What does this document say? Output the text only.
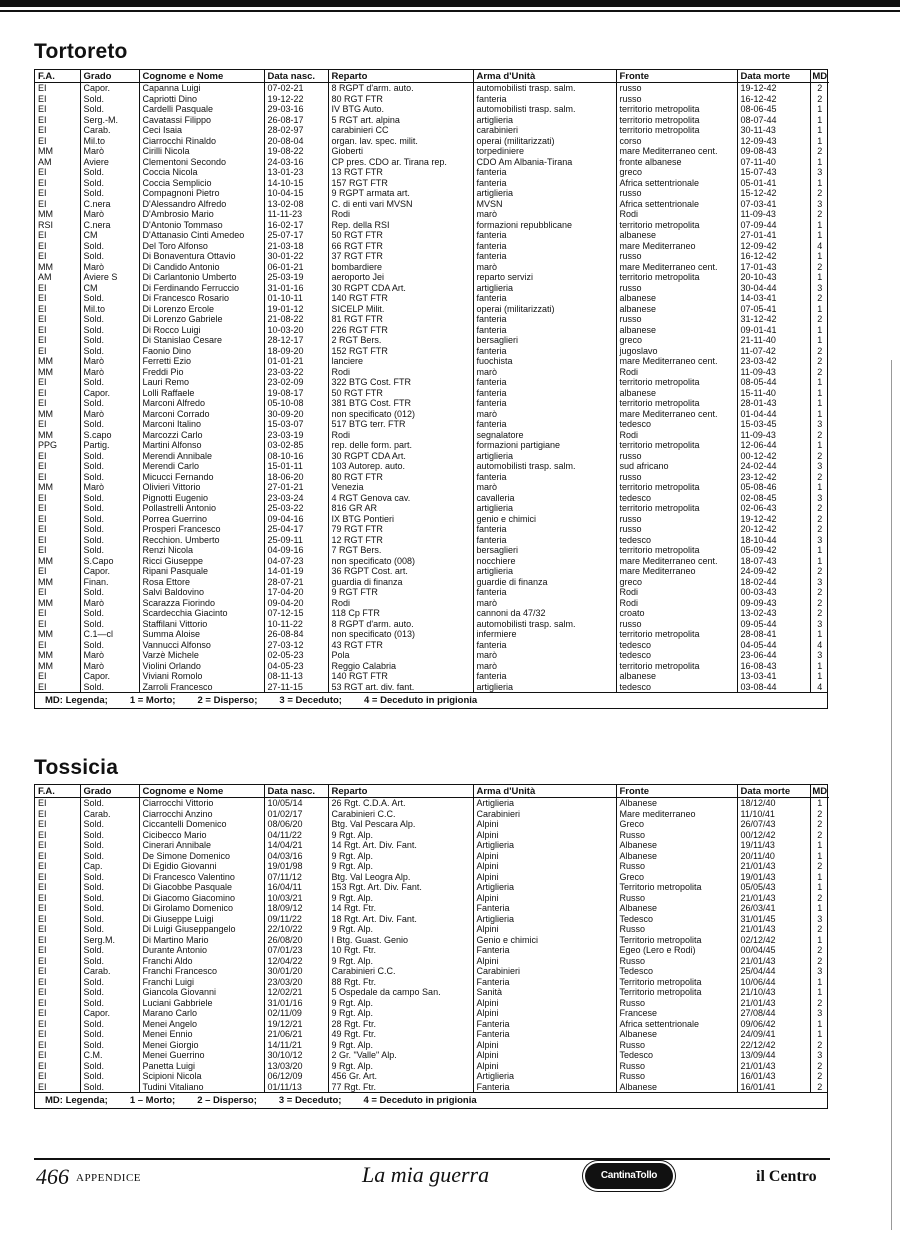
Tortoreto
F.A.	Grado	Cognome e Nome	Data nasc.	Reparto	Arma d'Unità	Fronte	Data morte	MD
EI	Capor.	Capanna Luigi	07-02-21	8 RGPT d'arm. auto.	automobilisti trasp. salm.	russo	19-12-42	2
EI	Sold.	Capriotti Dino	19-12-22	80 RGT FTR	fanteria	russo	16-12-42	2
EI	Sold.	Cardelli Pasquale	29-03-16	IV BTG Auto.	automobilisti trasp. salm.	territorio metropolita	08-06-45	1
EI	Serg.-M.	Cavatassi Filippo	26-08-17	5 RGT art. alpina	artiglieria	territorio metropolita	08-07-44	1
EI	Carab.	Ceci Isaia	28-02-97	carabinieri CC	carabinieri	territorio metropolita	30-11-43	1
EI	Mil.to	Ciarrocchi Rinaldo	20-08-04	organ. lav. spec. milit.	operai (militarizzati)	corso	12-09-43	1
MM	Marò	Cirilli Nicola	19-08-22	Gioberti	torpediniere	mare Mediterraneo cent.	09-08-43	2
AM	Aviere	Clementoni Secondo	24-03-16	CP pres. CDO ar. Tirana rep.	CDO Am Albania-Tirana	fronte albanese	07-11-40	1
EI	Sold.	Coccia Nicola	13-01-23	13 RGT FTR	fanteria	greco	15-07-43	3
EI	Sold.	Coccia Semplicio	14-10-15	157 RGT FTR	fanteria	Africa settentrionale	05-01-41	1
EI	Sold.	Compagnoni Pietro	10-04-15	9 RGPT armata art.	artiglieria	russo	15-12-42	2
EI	C.nera	D'Alessandro Alfredo	13-02-08	C. di enti vari MVSN	MVSN	Africa settentrionale	07-03-41	3
MM	Marò	D'Ambrosio Mario	11-11-23	Rodi	marò	Rodi	11-09-43	2
RSI	C.nera	D'Antonio Tommaso	16-02-17	Rep. della RSI	formazioni repubblicane	territorio metropolita	07-09-44	1
EI	CM	D'Attanasio Cinti Amedeo	25-07-17	50 RGT FTR	fanteria	albanese	27-01-41	1
EI	Sold.	Del Toro Alfonso	21-03-18	66 RGT FTR	fanteria	mare Mediterraneo	12-09-42	4
EI	Sold.	Di Bonaventura Ottavio	30-01-22	37 RGT FTR	fanteria	russo	16-12-42	1
MM	Marò	Di Candido Antonio	06-01-21	bombardiere	marò	mare Mediterraneo cent.	17-01-43	2
AM	Aviere S	Di Carlantonio Umberto	25-03-19	aeroporto Jei	reparto servizi	territorio metropolita	20-10-43	1
EI	CM	Di Ferdinando Ferruccio	31-01-16	30 RGPT CDA Art.	artiglieria	russo	30-04-44	3
EI	Sold.	Di Francesco Rosario	01-10-11	140 RGT FTR	fanteria	albanese	14-03-41	2
EI	Mil.to	Di Lorenzo Ercole	19-01-12	SICELP Milit.	operai (militarizzati)	albanese	07-05-41	1
EI	Sold.	Di Lorenzo Gabriele	21-08-22	81 RGT FTR	fanteria	russo	31-12-42	2
EI	Sold.	Di Rocco Luigi	10-03-20	226 RGT FTR	fanteria	albanese	09-01-41	1
EI	Sold.	Di Stanislao Cesare	28-12-17	2 RGT Bers.	bersaglieri	greco	21-11-40	1
EI	Sold.	Faonio Dino	18-09-20	152 RGT FTR	fanteria	jugoslavo	11-07-42	2
MM	Marò	Ferretti Ezio	01-01-21	lanciere	fuochista	mare Mediterraneo cent.	23-03-42	2
MM	Marò	Freddi Pio	23-03-22	Rodi	marò	Rodi	11-09-43	2
EI	Sold.	Lauri Remo	23-02-09	322 BTG Cost. FTR	fanteria	territorio metropolita	08-05-44	1
EI	Capor.	Lolli Raffaele	19-08-17	50 RGT FTR	fanteria	albanese	15-11-40	1
EI	Sold.	Marconi Alfredo	05-10-08	381 BTG Cost. FTR	fanteria	territorio metropolita	28-01-43	1
MM	Marò	Marconi Corrado	30-09-20	non specificato (012)	marò	mare Mediterraneo cent.	01-04-44	1
EI	Sold.	Marconi Italino	15-03-07	517 BTG terr. FTR	fanteria	tedesco	15-03-45	3
MM	S.capo	Marcozzi Carlo	23-03-19	Rodi	segnalatore	Rodi	11-09-43	2
PPG	Partig.	Martini Alfonso	03-02-85	rep. delle form. part.	formazioni partigiane	territorio metropolita	12-06-44	1
EI	Sold.	Merendi Annibale	08-10-16	30 RGPT CDA Art.	artiglieria	russo	00-12-42	2
EI	Sold.	Merendi Carlo	15-01-11	103 Autorep. auto.	automobilisti trasp. salm.	sud africano	24-02-44	3
EI	Sold.	Micucci Fernando	18-06-20	80 RGT FTR	fanteria	russo	23-12-42	2
MM	Marò	Olivieri Vittorio	27-01-21	Venezia	marò	territorio metropolita	05-08-46	1
EI	Sold.	Pignotti Eugenio	23-03-24	4 RGT Genova cav.	cavalleria	tedesco	02-08-45	3
EI	Sold.	Pollastrelli Antonio	25-03-22	816 GR AR	artiglieria	territorio metropolita	02-06-43	2
EI	Sold.	Porrea Guerrino	09-04-16	IX BTG Pontieri	genio e chimici	russo	19-12-42	2
EI	Sold.	Prosperi Francesco	25-04-17	79 RGT FTR	fanteria	russo	20-12-42	2
EI	Sold.	Recchion. Umberto	25-09-11	12 RGT FTR	fanteria	tedesco	18-10-44	3
EI	Sold.	Renzi Nicola	04-09-16	7 RGT Bers.	bersaglieri	territorio metropolita	05-09-42	1
MM	S.Capo	Ricci Giuseppe	04-07-23	non specificato (008)	nocchiere	mare Mediterraneo cent.	18-07-43	1
EI	Capor.	Ripani Pasquale	14-01-19	36 RGPT Cost. art.	artiglieria	mare Mediterraneo	24-09-42	2
MM	Finan.	Rosa Ettore	28-07-21	guardia di finanza	guardie di finanza	greco	18-02-44	3
EI	Sold.	Salvi Baldovino	17-04-20	9 RGT FTR	fanteria	Rodi	00-03-43	2
MM	Marò	Scarazza Fiorindo	09-04-20	Rodi	marò	Rodi	09-09-43	2
EI	Sold.	Scardecchia Giacinto	07-12-15	118 Cp FTR	cannoni da 47/32	croato	13-02-43	2
EI	Sold.	Staffilani Vittorio	10-11-22	8 RGPT d'arm. auto.	automobilisti trasp. salm.	russo	09-05-44	3
MM	C.1—cl	Summa Aloise	26-08-84	non specificato (013)	infermiere	territorio metropolita	28-08-41	1
EI	Sold.	Vannucci Alfonso	27-03-12	43 RGT FTR	fanteria	tedesco	04-05-44	4
MM	Marò	Varzè Michele	02-05-23	Pola	marò	tedesco	23-06-44	3
MM	Marò	Violini Orlando	04-05-23	Reggio Calabria	marò	territorio metropolita	16-08-43	1
EI	Capor.	Viviani Romolo	08-11-13	140 RGT FTR	fanteria	albanese	13-03-41	1
EI	Sold.	Zarroli Francesco	27-11-15	53 RGT art. div. fant.	artiglieria	tedesco	03-08-44	4
MD: Legenda; 1 = Morto; 2 = Disperso; 3 = Deceduto; 4 = Deceduto in prigionia
Tossicia
F.A.	Grado	Cognome e Nome	Data nasc.	Reparto	Arma d'Unità	Fronte	Data morte	MD
EI	Sold.	Ciarrocchi Vittorio	10/05/14	26 Rgt. C.D.A. Art.	Artiglieria	Albanese	18/12/40	1
EI	Carab.	Ciarrocchi Anzino	01/02/17	Carabinieri C.C.	Carabinieri	Mare mediterraneo	11/10/41	2
EI	Sold.	Ciccantelli Domenico	08/06/20	Btg. Val Pescara Alp.	Alpini	Greco	26/07/43	2
EI	Sold.	Cicibecco Mario	04/11/22	9 Rgt. Alp.	Alpini	Russo	00/12/42	2
EI	Sold.	Cinerari Annibale	14/04/21	14 Rgt. Art. Div. Fant.	Artiglieria	Albanese	19/11/43	1
EI	Sold.	De Simone Domenico	04/03/16	9 Rgt. Alp.	Alpini	Albanese	20/11/40	1
EI	Cap.	Di Egidio Giovanni	19/01/98	9 Rgt. Alp.	Alpini	Russo	21/01/43	2
EI	Sold.	Di Francesco Valentino	07/11/12	Btg. Val Leogra Alp.	Alpini	Greco	19/01/43	1
EI	Sold.	Di Giacobbe Pasquale	16/04/11	153 Rgt. Art. Div. Fant.	Artiglieria	Territorio metropolita	05/05/43	1
EI	Sold.	Di Giacomo Giacomino	10/03/21	9 Rgt. Alp.	Alpini	Russo	21/01/43	2
EI	Sold.	Di Girolamo Domenico	18/09/12	14 Rgt. Ftr.	Fanteria	Albanese	26/03/41	1
EI	Sold.	Di Giuseppe Luigi	09/11/22	18 Rgt. Art. Div. Fant.	Artiglieria	Tedesco	31/01/45	3
EI	Sold.	Di Luigi Giuseppangelo	22/10/22	9 Rgt. Alp.	Alpini	Russo	21/01/43	2
EI	Serg.M.	Di Martino Mario	26/08/20	I Btg. Guast. Genio	Genio e chimici	Territorio metropolita	02/12/42	1
EI	Sold.	Durante Antonio	07/01/23	10 Rgt. Ftr.	Fanteria	Egeo (Lero e Rodi)	00/04/45	2
EI	Sold.	Franchi Aldo	12/04/22	9 Rgt. Alp.	Alpini	Russo	21/01/43	2
EI	Carab.	Franchi Francesco	30/01/20	Carabinieri C.C.	Carabinieri	Tedesco	25/04/44	3
EI	Sold.	Franchi Luigi	23/03/20	88 Rgt. Ftr.	Fanteria	Territorio metropolita	10/06/44	1
EI	Sold.	Giancola Giovanni	12/02/21	5 Ospedale da campo San.	Sanità	Territorio metropolita	21/10/43	1
EI	Sold.	Luciani Gabbriele	31/01/16	9 Rgt. Alp.	Alpini	Russo	21/01/43	2
EI	Capor.	Marano Carlo	02/11/09	9 Rgt. Alp.	Alpini	Francese	27/08/44	3
EI	Sold.	Menei Angelo	19/12/21	28 Rgt. Ftr.	Fanteria	Africa settentrionale	09/06/42	1
EI	Sold.	Menei Ennio	21/06/21	49 Rgt. Ftr.	Fanteria	Albanese	24/09/41	1
EI	Sold.	Menei Giorgio	14/11/21	9 Rgt. Alp.	Alpini	Russo	22/12/42	2
EI	C.M.	Menei Guerrino	30/10/12	2 Gr. "Valle" Alp.	Alpini	Tedesco	13/09/44	3
EI	Sold.	Panetta Luigi	13/03/20	9 Rgt. Alp.	Alpini	Russo	21/01/43	2
EI	Sold.	Scipioni Nicola	06/12/09	456 Gr. Art.	Artiglieria	Russo	16/01/43	2
EI	Sold.	Tudini Vitaliano	01/11/13	77 Rgt. Ftr.	Fanteria	Albanese	16/01/41	2
MD: Legenda; 1 – Morto; 2 – Disperso; 3 = Deceduto; 4 = Deceduto in prigionia
466 APPENDICE	La mia guerra	CantinaTollo	il Centro
